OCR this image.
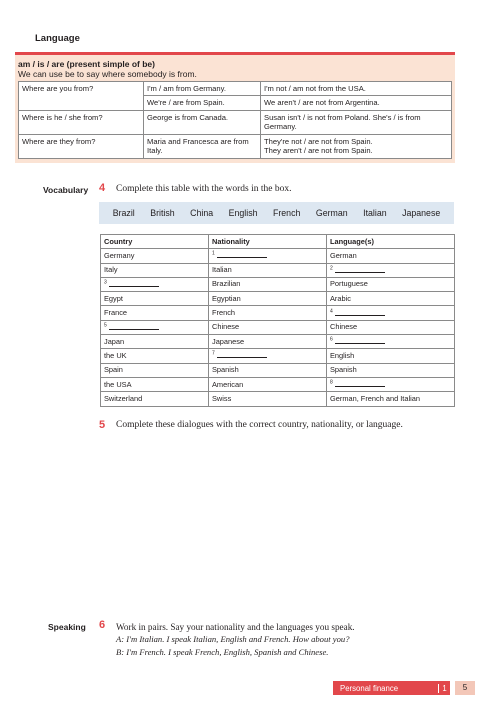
Language
am / is / are (present simple of be)
We can use be to say where somebody is from.
Where are you from?	I'm / am from Germany.	I'm not / am not from the USA.
	We're / are from Spain.	We aren't / are not from Argentina.
Where is he / she from?	George is from Canada.	Susan isn't / is not from Poland. She's / is from Germany.
Where are they from?	Maria and Francesca are from Italy.	They're not / are not from Spain.
They aren't / are not from Spain.
Vocabulary 4 Complete this table with the words in the box.
Brazil British China English French German Italian Japanese
Country	Nationality	Language(s)
Germany	$^1$	German
Italy	Italian	$^2$
$^3$	Brazilian	Portuguese
Egypt	Egyptian	Arabic
France	French	$^4$
$^5$	Chinese	Chinese
Japan	Japanese	$^6$
the UK	$^7$	English
Spain	Spanish	Spanish
the USA	American	$^8$
Switzerland	Swiss	German, French and Italian
5 Complete these dialogues with the correct country, nationality, or language.
Speaking 6 Work in pairs. Say your nationality and the languages you speak.
A: I'm Italian. I speak Italian, English and French. How about you?
B: I'm French. I speak French, English, Spanish and Chinese.
Personal finance	1	5
